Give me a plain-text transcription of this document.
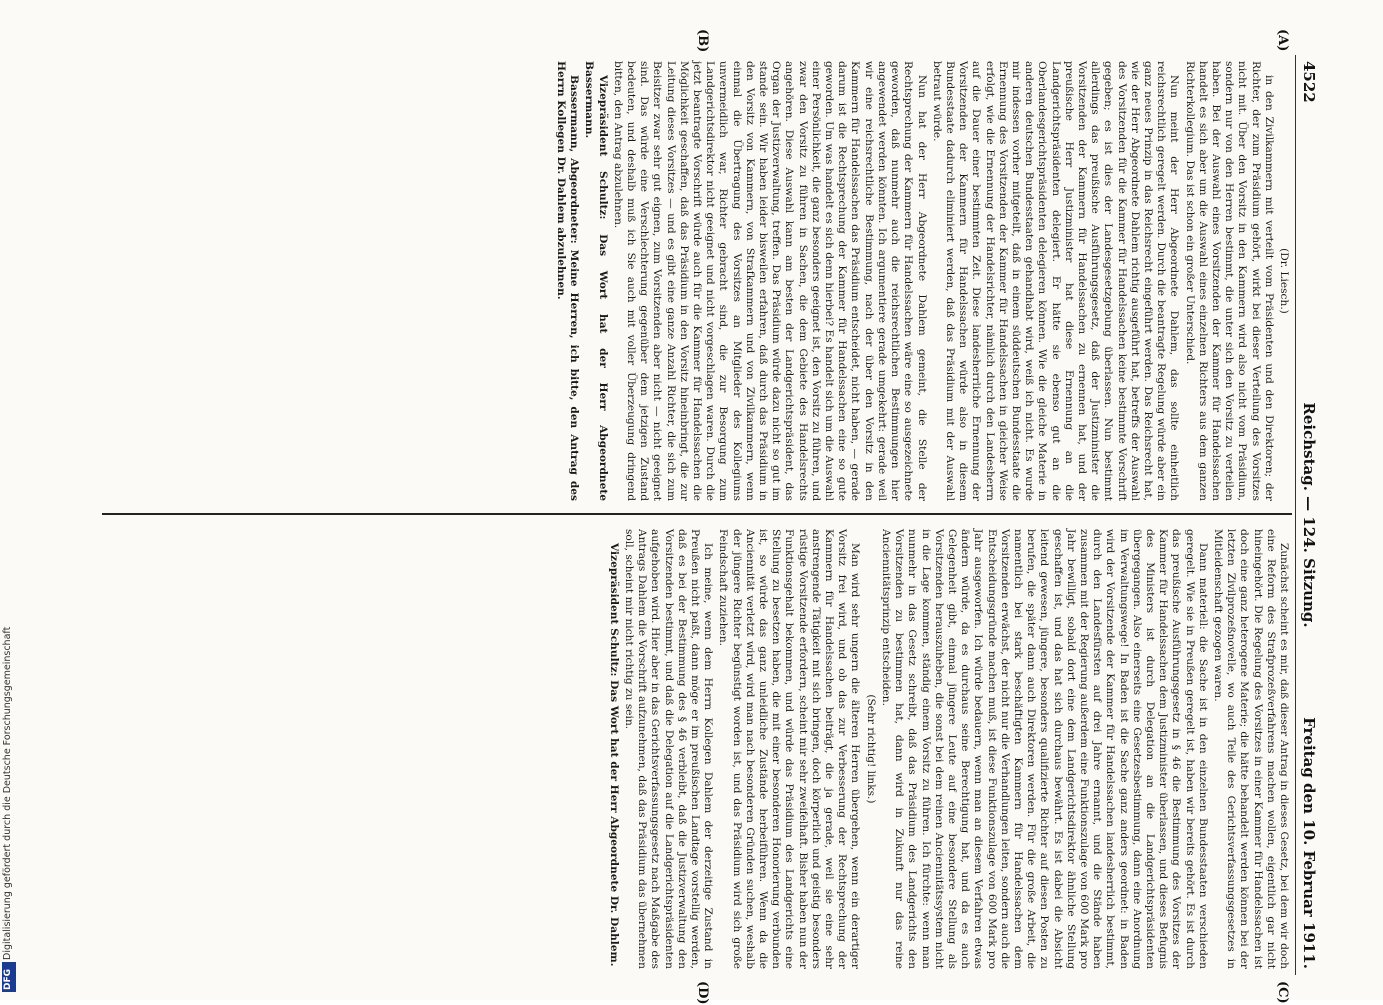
Digitalisierung gefördert durch die Deutsche Forschungsgemeinschaft
DFG
4522
Reichstag. — 124. Sitzung.
Freitag den 10. Februar 1911.
(A)
(B)
(C)
(D)

(Dr. Liesch.)

in den Zivilkammern mit verteilt vom Präsidenten und den Direktoren; der Richter, der zum Präsidium gehört, wirkt bei dieser Verteilung des Vorsitzes nicht mit. Über den Vorsitz in den Kammern wird also nicht vom Präsidium, sondern nur von den Herren bestimmt, die unter sich den Vorsitz zu verteilen haben. Bei der Auswahl eines Vorsitzenden der Kammer für Handelssachen handelt es sich aber um die Auswahl eines einzelnen Richters aus dem ganzen Richterkollegium. Das ist schon ein großer Unterschied.

Nun meint der Herr Abgeordnete Dahlem, das sollte einheitlich reichsrechtlich geregelt werden. Durch die beantragte Regelung würde aber ein ganz neues Prinzip in das Reichsrecht eingeführt werden. Das Reichsrecht hat, wie der Herr Abgeordnete Dahlem richtig ausgeführt hat, betreffs der Auswahl des Vorsitzenden für die Kammer für Handelssachen keine bestimmte Vorschrift gegeben; es ist dies der Landesgesetzgebung überlassen. Nun bestimmt allerdings das preußische Ausführungsgesetz, daß der Justizminister die Vorsitzenden der Kammern für Handelssachen zu ernennen hat, und der preußische Herr Justizminister hat diese Ernennung an die Landgerichtspräsidenten delegiert. Er hätte sie ebenso gut an die Oberlandesgerichtspräsidenten delegieren können. Wie die gleiche Materie in anderen deutschen Bundesstaaten gehandhabt wird, weiß ich nicht. Es wurde mir indessen vorher mitgeteilt, daß in einem süddeutschen Bundesstaate die Ernennung des Vorsitzenden der Kammer für Handelssachen in gleicher Weise erfolgt, wie die Ernennung der Handelsrichter, nämlich durch den Landesherrn auf die Dauer einer bestimmten Zeit. Diese landesherrliche Ernennung der Vorsitzenden der Kammern für Handelssachen würde also in diesem Bundesstaate dadurch eliminiert werden, daß das Präsidium mit der Auswahl betraut würde.

Nun hat der Herr Abgeordnete Dahlem gemeint, die Stelle der Rechtsprechung der Kammern für Handelssachen wäre eine so ausgezeichnete geworden, daß nunmehr auch die reichsrechtlichen Bestimmungen hier angewendet werden könnten. Ich argumentiere gerade umgekehrt: gerade weil wir eine reichsrechtliche Bestimmung, nach der über den Vorsitz in den Kammern für Handelssachen das Präsidium entscheidet, nicht haben, — gerade darum ist die Rechtsprechung der Kammer für Handelssachen eine so gute geworden. Um was handelt es sich denn hierbei? Es handelt sich um die Auswahl einer Persönlichkeit, die ganz besonders geeignet ist, den Vorsitz zu führen, und zwar den Vorsitz zu führen in Sachen, die dem Gebiete des Handelsrechts angehören. Diese Auswahl kann am besten der Landgerichtspräsident, das Organ der Justizverwaltung, treffen. Das Präsidium würde dazu nicht so gut im stande sein. Wir haben leider bisweilen erfahren, daß durch das Präsidium in den Vorsitz von Kammern, von Strafkammern und von Zivilkammern, wenn einmal die Übertragung des Vorsitzes an Mitglieder des Kollegiums unvermeidlich war, Richter gebracht sind, die zur Besorgung zum Landgerichtsdirektor nicht geeignet und nicht vorgeschlagen waren. Durch die jetzt beantragte Vorschrift würde auch für die Kammer für Handelssachen die Möglichkeit geschaffen, daß das Präsidium in den Vorsitz hineinbringt, die zur Leitung dieses Vorsitzes — und es gibt eine ganze Anzahl Richter, die sich zum Beisitzer zwar sehr gut eignen, zum Vorsitzenden aber nicht — nicht geeignet sind. Das würde eine Verschlechterung gegenüber dem jetzigen Zustand bedeuten, und deshalb muß ich Sie auch mit voller Überzeugung dringend bitten, den Antrag abzulehnen.

Vizepräsident Schultz: Das Wort hat der Herr Abgeordnete Bassermann.

Bassermann, Abgeordneter: Meine Herren, ich bitte, den Antrag des Herrn Kollegen Dr. Dahlem abzulehnen.

Zunächst scheint es mir, daß dieser Antrag in dieses Gesetz, bei dem wir doch eine Reform des Strafprozeßverfahrens machen wollen, eigentlich gar nicht hineingehört. Die Regelung des Vorsitzes in einer Kammer für Handelssachen ist doch eine ganz heterogene Materie; die hätte behandelt werden können bei der letzten Zivilprozeßnovelle, wo auch Teile des Gerichtsverfassungsgesetzes in Mitleidenschaft gezogen waren.

Dann materiell: die Sache ist in den einzelnen Bundesstaaten verschieden geregelt. Wie sie in Preußen geregelt ist, haben wir bereits gehört. Es ist durch das preußische Ausführungsgesetz in § 46 die Bestimmung des Vorsitzes der Kammer für Handelssachen dem Justizminister überlassen, und dieses Befugnis des Ministers ist durch Delegation an die Landgerichtspräsidenten übergegangen. Also einerseits eine Gesetzesbestimmung, dann eine Anordnung im Verwaltungswege! In Baden ist die Sache ganz anders geordnet: in Baden wird der Vorsitzende der Kammer für Handelssachen landesherrlich bestimmt, durch den Landesfürsten auf drei Jahre ernannt, und die Stände haben zusammen mit der Regierung außerdem eine Funktionszulage von 600 Mark pro Jahr bewilligt, sobald dort eine dem Landgerichtsdirektor ähnliche Stellung geschaffen ist, und das hat sich durchaus bewährt. Es ist dabei die Absicht leitend gewesen, jüngere, besonders qualifizierte Richter auf diesen Posten zu berufen, die später dann auch Direktoren werden. Für die große Arbeit, die namentlich bei stark beschäftigten Kammern für Handelssachen dem Vorsitzenden erwächst, der nicht nur die Verhandlungen leiten, sondern auch die Entscheidungsgründe machen muß, ist diese Funktionszulage von 600 Mark pro Jahr ausgeworfen. Ich würde bedauern, wenn man an diesem Verfahren etwas ändern würde, da es durchaus seine Berechtigung hat, und da es auch Gelegenheit gibt, einmal jüngere Leute auf eine besondere Stellung als Vorsitzenden herauszuheben, die sonst bei dem reinen Anciennitätssystem nicht in die Lage kommen, ständig einem Vorsitz zu führen. Ich fürchte: wenn man nunmehr in das Gesetz schreibt, daß das Präsidium des Landgerichts den Vorsitzenden zu bestimmen hat, dann wird in Zukunft nur das reine Anciennitätsprinzip entscheiden.

(Sehr richtig! links.)

Man wird sehr ungern die älteren Herren übergehen, wenn ein derartiger Vorsitz frei wird, und ob das zur Verbesserung der Rechtsprechung der Kammern für Handelssachen beiträgt, die ja gerade, weil sie eine sehr anstrengende Tätigkeit mit sich bringen, doch körperlich und geistig besonders rüstige Vorsitzende erfordern, scheint mir sehr zweifelhaft. Bisher haben nun der Funktionsgehalt bekommen, und würde das Präsidium des Landgerichts eine Stellung zu besetzen haben, die mit einer besonderen Honorierung verbunden ist, so würde das ganz unleidliche Zustände herbeiführen. Wenn da die Anciennität verletzt wird, wird man nach besonderen Gründen suchen, weshalb der jüngere Richter begünstigt worden ist, und das Präsidium wird sich große Feindschaft zuziehen.

Ich meine, wenn dem Herrn Kollegen Dahlem der derzeitige Zustand in Preußen nicht paßt, dann möge er im preußischen Landtage vorstellig werden, daß es bei der Bestimmung des § 46 verbleibt, daß die Justizverwaltung den Vorsitzenden bestimmt, und daß die Delegation auf die Landgerichtspräsidenten aufgehoben wird. Hier aber in das Gerichtsverfassungsgesetz nach Maßgabe des Antrags Dahlem die Vorschrift aufzunehmen, daß das Präsidium das übernehmen soll, scheint mir nicht richtig zu sein.

Vizepräsident Schultz: Das Wort hat der Herr Abgeordnete Dr. Dahlem.
